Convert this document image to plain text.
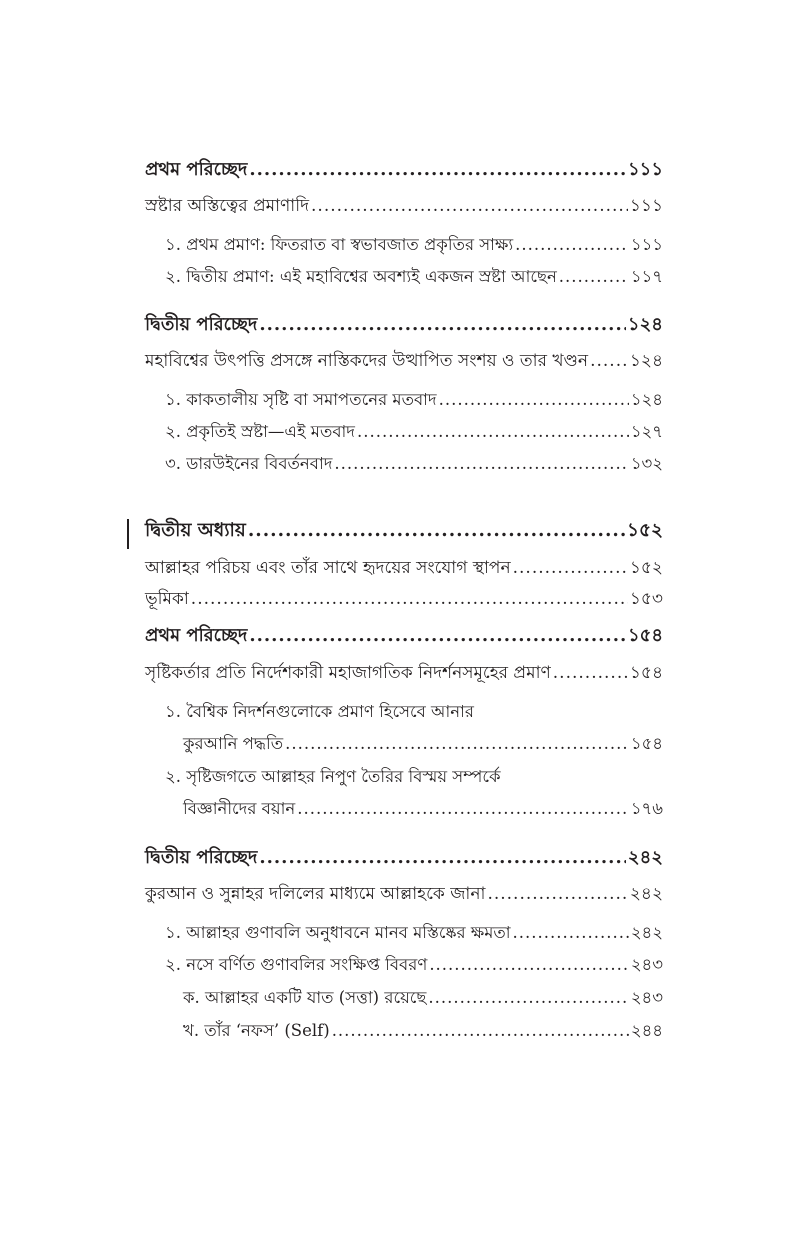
প্রথম পরিচ্ছেদ .....	১১১
স্রষ্টার অস্তিত্বের প্রমাণাদি .....	১১১
১. প্রথম প্রমাণ: ফিতরাত বা স্বভাবজাত প্রকৃতির সাক্ষ্য .....	১১১
২. দ্বিতীয় প্রমাণ: এই মহাবিশ্বের অবশ্যই একজন স্রষ্টা আছেন .....	১১৭
দ্বিতীয় পরিচ্ছেদ .....	১২৪
মহাবিশ্বের উৎপত্তি প্রসঙ্গে নাস্তিকদের উত্থাপিত সংশয় ও তার খণ্ডন ..... ১২৪
১. কাকতালীয় সৃষ্টি বা সমাপতনের মতবাদ .....	১২৪
২. প্রকৃতিই স্রষ্টা—এই মতবাদ .....	১২৭
৩. ডারউইনের বিবর্তনবাদ .....	১৩২
দ্বিতীয় অধ্যায় .....	১৫২
আল্লাহর পরিচয় এবং তাঁর সাথে হৃদয়ের সংযোগ স্থাপন .....	১৫২
ভূমিকা .....	১৫৩
প্রথম পরিচ্ছেদ .....	১৫৪
সৃষ্টিকর্তার প্রতি নির্দেশকারী মহাজাগতিক নিদর্শনসমূহের প্রমাণ .....	১৫৪
১. বৈশ্বিক নিদর্শনগুলোকে প্রমাণ হিসেবে আনার
কুরআনি পদ্ধতি .....	১৫৪
২. সৃষ্টিজগতে আল্লাহর নিপুণ তৈরির বিস্ময় সম্পর্কে
বিজ্ঞানীদের বয়ান .....	১৭৬
দ্বিতীয় পরিচ্ছেদ .....	২৪২
কুরআন ও সুন্নাহর দলিলের মাধ্যমে আল্লাহকে জানা .....	২৪২
১. আল্লাহর গুণাবলি অনুধাবনে মানব মস্তিষ্কের ক্ষমতা .....	২৪২
২. নসে বর্ণিত গুণাবলির সংক্ষিপ্ত বিবরণ .....	২৪৩
ক. আল্লাহর একটি যাত (সত্তা) রয়েছে .....	২৪৩
খ. তাঁর ‘নফস’ (Self) .....	২৪৪
